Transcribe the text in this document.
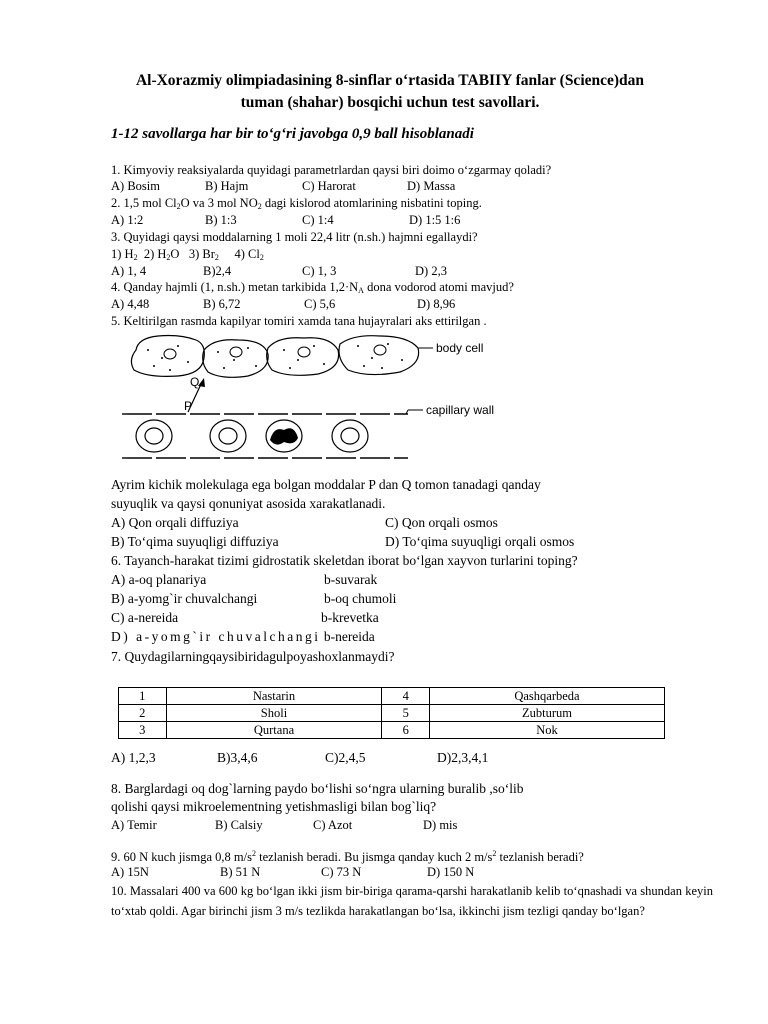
Al-Xorazmiy olimpiadasining 8-sinflar o‘rtasida TABIIY fanlar (Science)dan
tuman (shahar) bosqichi uchun test savollari.
1-12 savollarga har bir to‘g‘ri javobga 0,9 ball hisoblanadi
1. Kimyoviy reaksiyalarda quyidagi parametrlardan qaysi biri doimo o‘zgarmay qoladi?
A) Bosim	B) Hajm	C) Harorat	D) Massa
2. 1,5 mol $Cl_2O$ va 3 mol $NO_2$ dagi kislorod atomlarining nisbatini toping.
A) 1:2	B) 1:3	C) 1:4	D) 1:5 1:6
3. Quyidagi qaysi moddalarning 1 moli 22,4 litr (n.sh.) hajmni egallaydi?
1) $H_2$ 2) $H_2O$ 3) $Br_2$ 4) $Cl_2$
A) 1, 4	B)2,4	C) 1, 3	D) 2,3
4. Qanday hajmli (1, n.sh.) metan tarkibida $1,2\cdot N_A$ dona vodorod atomi mavjud?
A) 4,48	B) 6,72	C) 5,6	D) 8,96
5. Keltirilgan rasmda kapilyar tomiri xamda tana hujayralari aks ettirilgan .
body cell
Q
P	capillary wall
Ayrim kichik molekulaga ega bolgan moddalar P dan Q tomon tanadagi qanday
suyuqlik va qaysi qonuniyat asosida xarakatlanadi.
A) Qon orqali diffuziya	C) Qon orqali osmos
B) To‘qima suyuqligi diffuziya	D) To‘qima suyuqligi orqali osmos
6. Tayanch-harakat tizimi gidrostatik skeletdan iborat bo‘lgan xayvon turlarini toping?
A) a-oq planariya	b-suvarak
B) a-yomg`ir chuvalchangi	b-oq chumoli
C) a-nereida	b-krevetka
D) a-yomg`ir chuvalchangi b-nereida
7. Quydagilarningqaysibiridagulpoyashoxlanmaydi?
1	Nastarin	4	Qashqarbeda
2	Sholi	5	Zubturum
3	Qurtana	6	Nok
A) 1,2,3	B)3,4,6	C)2,4,5	D)2,3,4,1
8. Barglardagi oq dog`larning paydo bo‘lishi so‘ngra ularning buralib ,so‘lib
qolishi qaysi mikroelementning yetishmasligi bilan bog`liq?
A) Temir	B) Calsiy	C) Azot	D) mis
9. 60 N kuch jismga 0,8 $m/s^2$ tezlanish beradi. Bu jismga qanday kuch 2 $m/s^2$ tezlanish beradi?
A) 15N	B) 51 N	C) 73 N	D) 150 N
10. Massalari 400 va 600 kg bo‘lgan ikki jism bir-biriga qarama-qarshi harakatlanib kelib to‘qnashadi va shundan keyin to‘xtab qoldi. Agar birinchi jism 3 m/s tezlikda harakatlangan bo‘lsa, ikkinchi jism tezligi qanday bo‘lgan?
